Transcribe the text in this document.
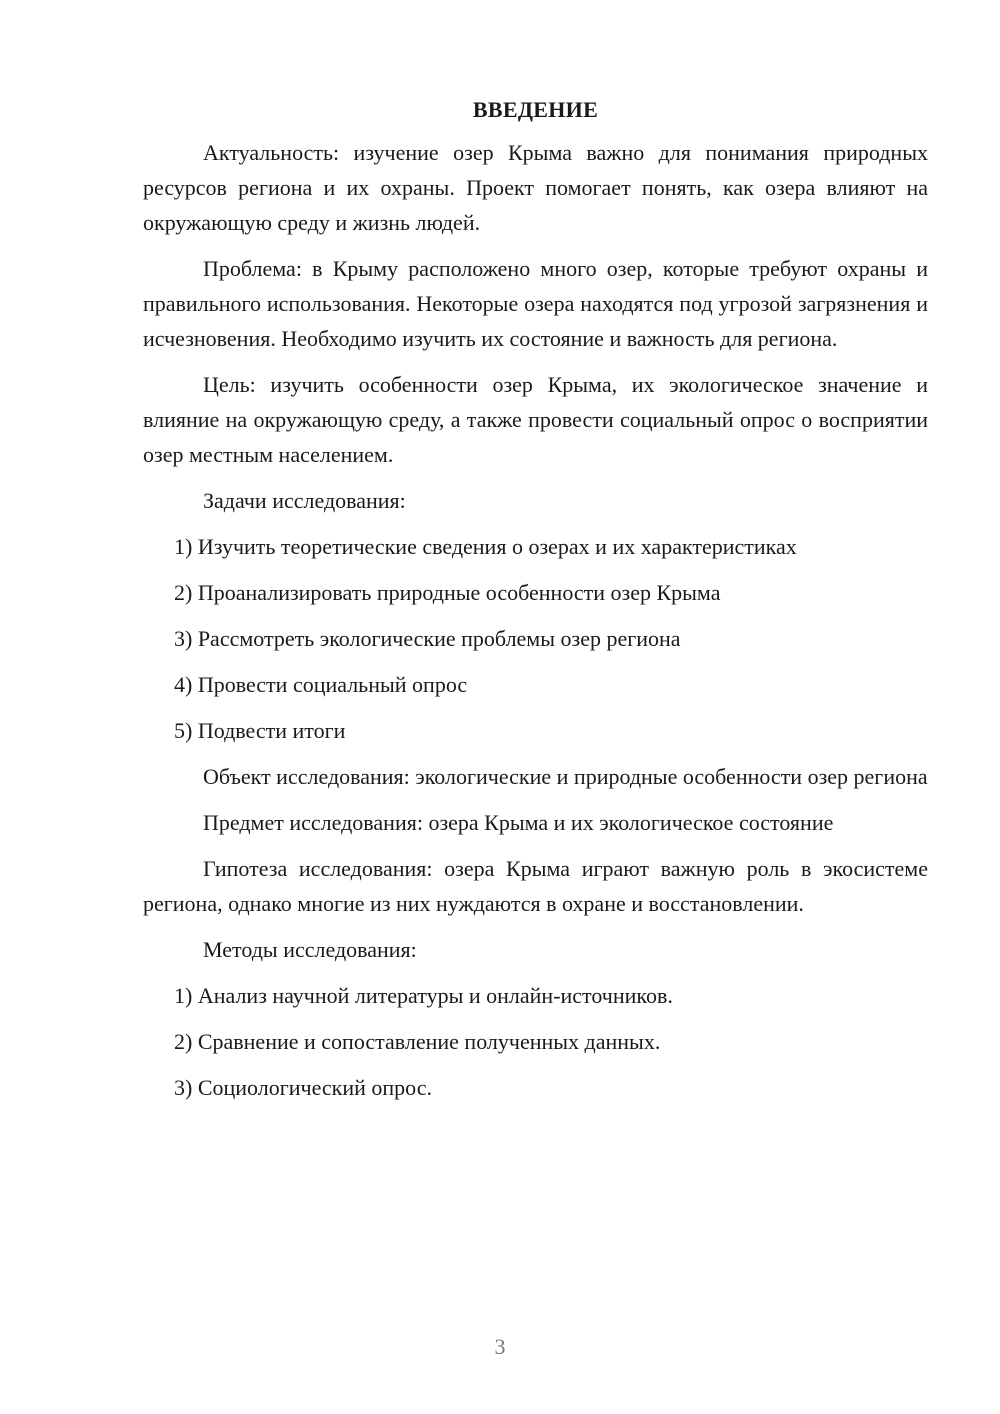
ВВЕДЕНИЕ

Актуальность: изучение озер Крыма важно для понимания природных ресурсов региона и их охраны. Проект помогает понять, как озера влияют на окружающую среду и жизнь людей.

Проблема: в Крыму расположено много озер, которые требуют охраны и правильного использования. Некоторые озера находятся под угрозой загрязнения и исчезновения. Необходимо изучить их состояние и важность для региона.

Цель: изучить особенности озер Крыма, их экологическое значение и влияние на окружающую среду, а также провести социальный опрос о восприятии озер местным населением.

Задачи исследования:
1) Изучить теоретические сведения о озерах и их характеристиках
2) Проанализировать природные особенности озер Крыма
3) Рассмотреть экологические проблемы озер региона
4) Провести социальный опрос
5) Подвести итоги

Объект исследования: экологические и природные особенности озер региона

Предмет исследования: озера Крыма и их экологическое состояние

Гипотеза исследования: озера Крыма играют важную роль в экосистеме региона, однако многие из них нуждаются в охране и восстановлении.

Методы исследования:
1) Анализ научной литературы и онлайн-источников.
2) Сравнение и сопоставление полученных данных.
3) Социологический опрос.
3
